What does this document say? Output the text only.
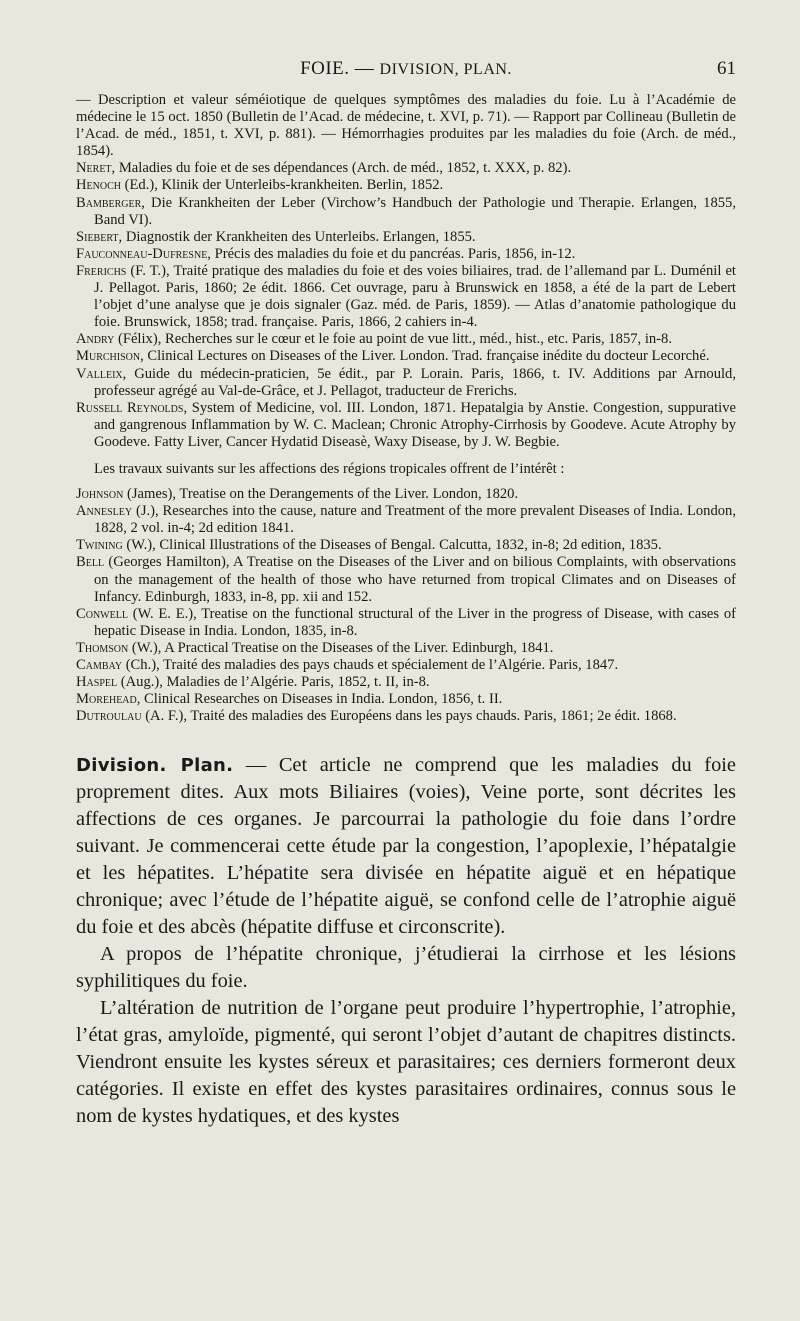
FOIE. — DIVISION, PLAN.	61

— Description et valeur séméiotique de quelques symptômes des maladies du foie. Lu à l’Académie de médecine le 15 oct. 1850 (Bulletin de l’Acad. de médecine, t. XVI, p. 71). — Rapport par Collineau (Bulletin de l’Acad. de méd., 1851, t. XVI, p. 881). — Hémorrhagies produites par les maladies du foie (Arch. de méd., 1854).

Neret, Maladies du foie et de ses dépendances (Arch. de méd., 1852, t. XXX, p. 82).

Henoch (Ed.), Klinik der Unterleibs-krankheiten. Berlin, 1852.

Bamberger, Die Krankheiten der Leber (Virchow’s Handbuch der Pathologie und Therapie. Erlangen, 1855, Band VI).

Siebert, Diagnostik der Krankheiten des Unterleibs. Erlangen, 1855.

Fauconneau-Dufresne, Précis des maladies du foie et du pancréas. Paris, 1856, in-12.

Frerichs (F. T.), Traité pratique des maladies du foie et des voies biliaires, trad. de l’allemand par L. Duménil et J. Pellagot. Paris, 1860; 2e édit. 1866. Cet ouvrage, paru à Brunswick en 1858, a été de la part de Lebert l’objet d’une analyse que je dois signaler (Gaz. méd. de Paris, 1859). — Atlas d’anatomie pathologique du foie. Brunswick, 1858; trad. française. Paris, 1866, 2 cahiers in-4.

Andry (Félix), Recherches sur le cœur et le foie au point de vue litt., méd., hist., etc. Paris, 1857, in-8.

Murchison, Clinical Lectures on Diseases of the Liver. London. Trad. française inédite du docteur Lecorché.

Valleix, Guide du médecin-praticien, 5e édit., par P. Lorain. Paris, 1866, t. IV. Additions par Arnould, professeur agrégé au Val-de-Grâce, et J. Pellagot, traducteur de Frerichs.

Russell Reynolds, System of Medicine, vol. III. London, 1871. Hepatalgia by Anstie. Congestion, suppurative and gangrenous Inflammation by W. C. Maclean; Chronic Atrophy-Cirrhosis by Goodeve. Acute Atrophy by Goodeve. Fatty Liver, Cancer Hydatid Diseasè, Waxy Disease, by J. W. Begbie.

Les travaux suivants sur les affections des régions tropicales offrent de l’intérêt :

Johnson (James), Treatise on the Derangements of the Liver. London, 1820.

Annesley (J.), Researches into the cause, nature and Treatment of the more prevalent Diseases of India. London, 1828, 2 vol. in-4; 2d edition 1841.

Twining (W.), Clinical Illustrations of the Diseases of Bengal. Calcutta, 1832, in-8; 2d edition, 1835.

Bell (Georges Hamilton), A Treatise on the Diseases of the Liver and on bilious Complaints, with observations on the management of the health of those who have returned from tropical Climates and on Diseases of Infancy. Edinburgh, 1833, in-8, pp. xii and 152.

Conwell (W. E. E.), Treatise on the functional structural of the Liver in the progress of Disease, with cases of hepatic Disease in India. London, 1835, in-8.

Thomson (W.), A Practical Treatise on the Diseases of the Liver. Edinburgh, 1841.

Cambay (Ch.), Traité des maladies des pays chauds et spécialement de l’Algérie. Paris, 1847.

Haspel (Aug.), Maladies de l’Algérie. Paris, 1852, t. II, in-8.

Morehead, Clinical Researches on Diseases in India. London, 1856, t. II.

Dutroulau (A. F.), Traité des maladies des Européens dans les pays chauds. Paris, 1861; 2e édit. 1868.

Division. Plan. — Cet article ne comprend que les maladies du foie proprement dites. Aux mots Biliaires (voies), Veine porte, sont décrites les affections de ces organes. Je parcourrai la pathologie du foie dans l’ordre suivant. Je commencerai cette étude par la congestion, l’apoplexie, l’hépatalgie et les hépatites. L’hépatite sera divisée en hépatite aiguë et en hépatique chronique; avec l’étude de l’hépatite aiguë, se confond celle de l’atrophie aiguë du foie et des abcès (hépatite diffuse et circonscrite).

A propos de l’hépatite chronique, j’étudierai la cirrhose et les lésions syphilitiques du foie.

L’altération de nutrition de l’organe peut produire l’hypertrophie, l’atrophie, l’état gras, amyloïde, pigmenté, qui seront l’objet d’autant de chapitres distincts. Viendront ensuite les kystes séreux et parasitaires; ces derniers formeront deux catégories. Il existe en effet des kystes parasitaires ordinaires, connus sous le nom de kystes hydatiques, et des kystes
